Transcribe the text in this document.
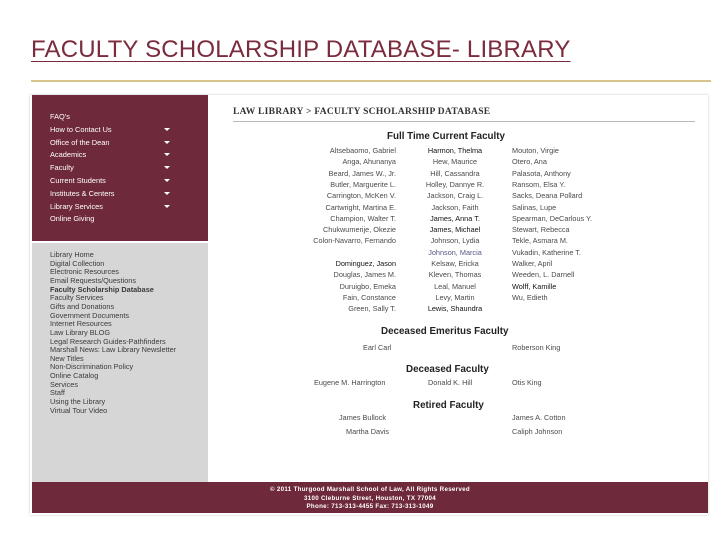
FACULTY SCHOLARSHIP DATABASE- LIBRARY
FAQ's
How to Contact Us
Office of the Dean
Academics
Faculty
Current Students
Institutes & Centers
Library Services
Online Giving
Library Home
Digital Collection
Electronic Resources
Email Requests/Questions
Faculty Scholarship Database
Faculty Services
Gifts and Donations
Government Documents
Internet Resources
Law Library BLOG
Legal Research Guides-Pathfinders
Marshall News: Law Library Newsletter
New Titles
Non-Discrimination Policy
Online Catalog
Services
Staff
Using the Library
Virtual Tour Video
LAW LIBRARY > FACULTY SCHOLARSHIP DATABASE
Full Time Current Faculty
Altsebaomo, Gabriel
Anga, Ahunanya
Beard, James W., Jr.
Butler, Marguerite L.
Carrington, McKen V.
Cartwright, Martina E.
Champion, Walter T.
Chukwumerije, Okezie
Colon-Navarro, Fernando
Dominguez, Jason
Douglas, James M.
Duruigbo, Emeka
Fain, Constance
Green, Sally T.
Harmon, Thelma
Hew, Maurice
Hill, Cassandra
Holley, Dannye R.
Jackson, Craig L.
Jackson, Faith
James, Anna T.
James, Michael
Johnson, Lydia
Johnson, Marcia
Kelsaw, Ericka
Kleven, Thomas
Leal, Manuel
Levy, Martin
Lewis, Shaundra
Mouton, Virgie
Otero, Ana
Palasota, Anthony
Ransom, Elsa Y.
Sacks, Deana Pollard
Salinas, Lupe
Spearman, DeCarlous Y.
Stewart, Rebecca
Tekle, Asmara M.
Vukadin, Katherine T.
Walker, April
Weeden, L. Darnell
Wolff, Kamille
Wu, Edieth
Deceased Emeritus Faculty
Earl Carl	Roberson King
Deceased Faculty
Eugene M. Harrington	Donald K. Hill	Otis King
Retired Faculty
James Bullock	James A. Cotton
Martha Davis	Caliph Johnson
© 2011 Thurgood Marshall School of Law, All Rights Reserved
3100 Cleburne Street, Houston, TX 77004
Phone: 713-313-4455 Fax: 713-313-1049
